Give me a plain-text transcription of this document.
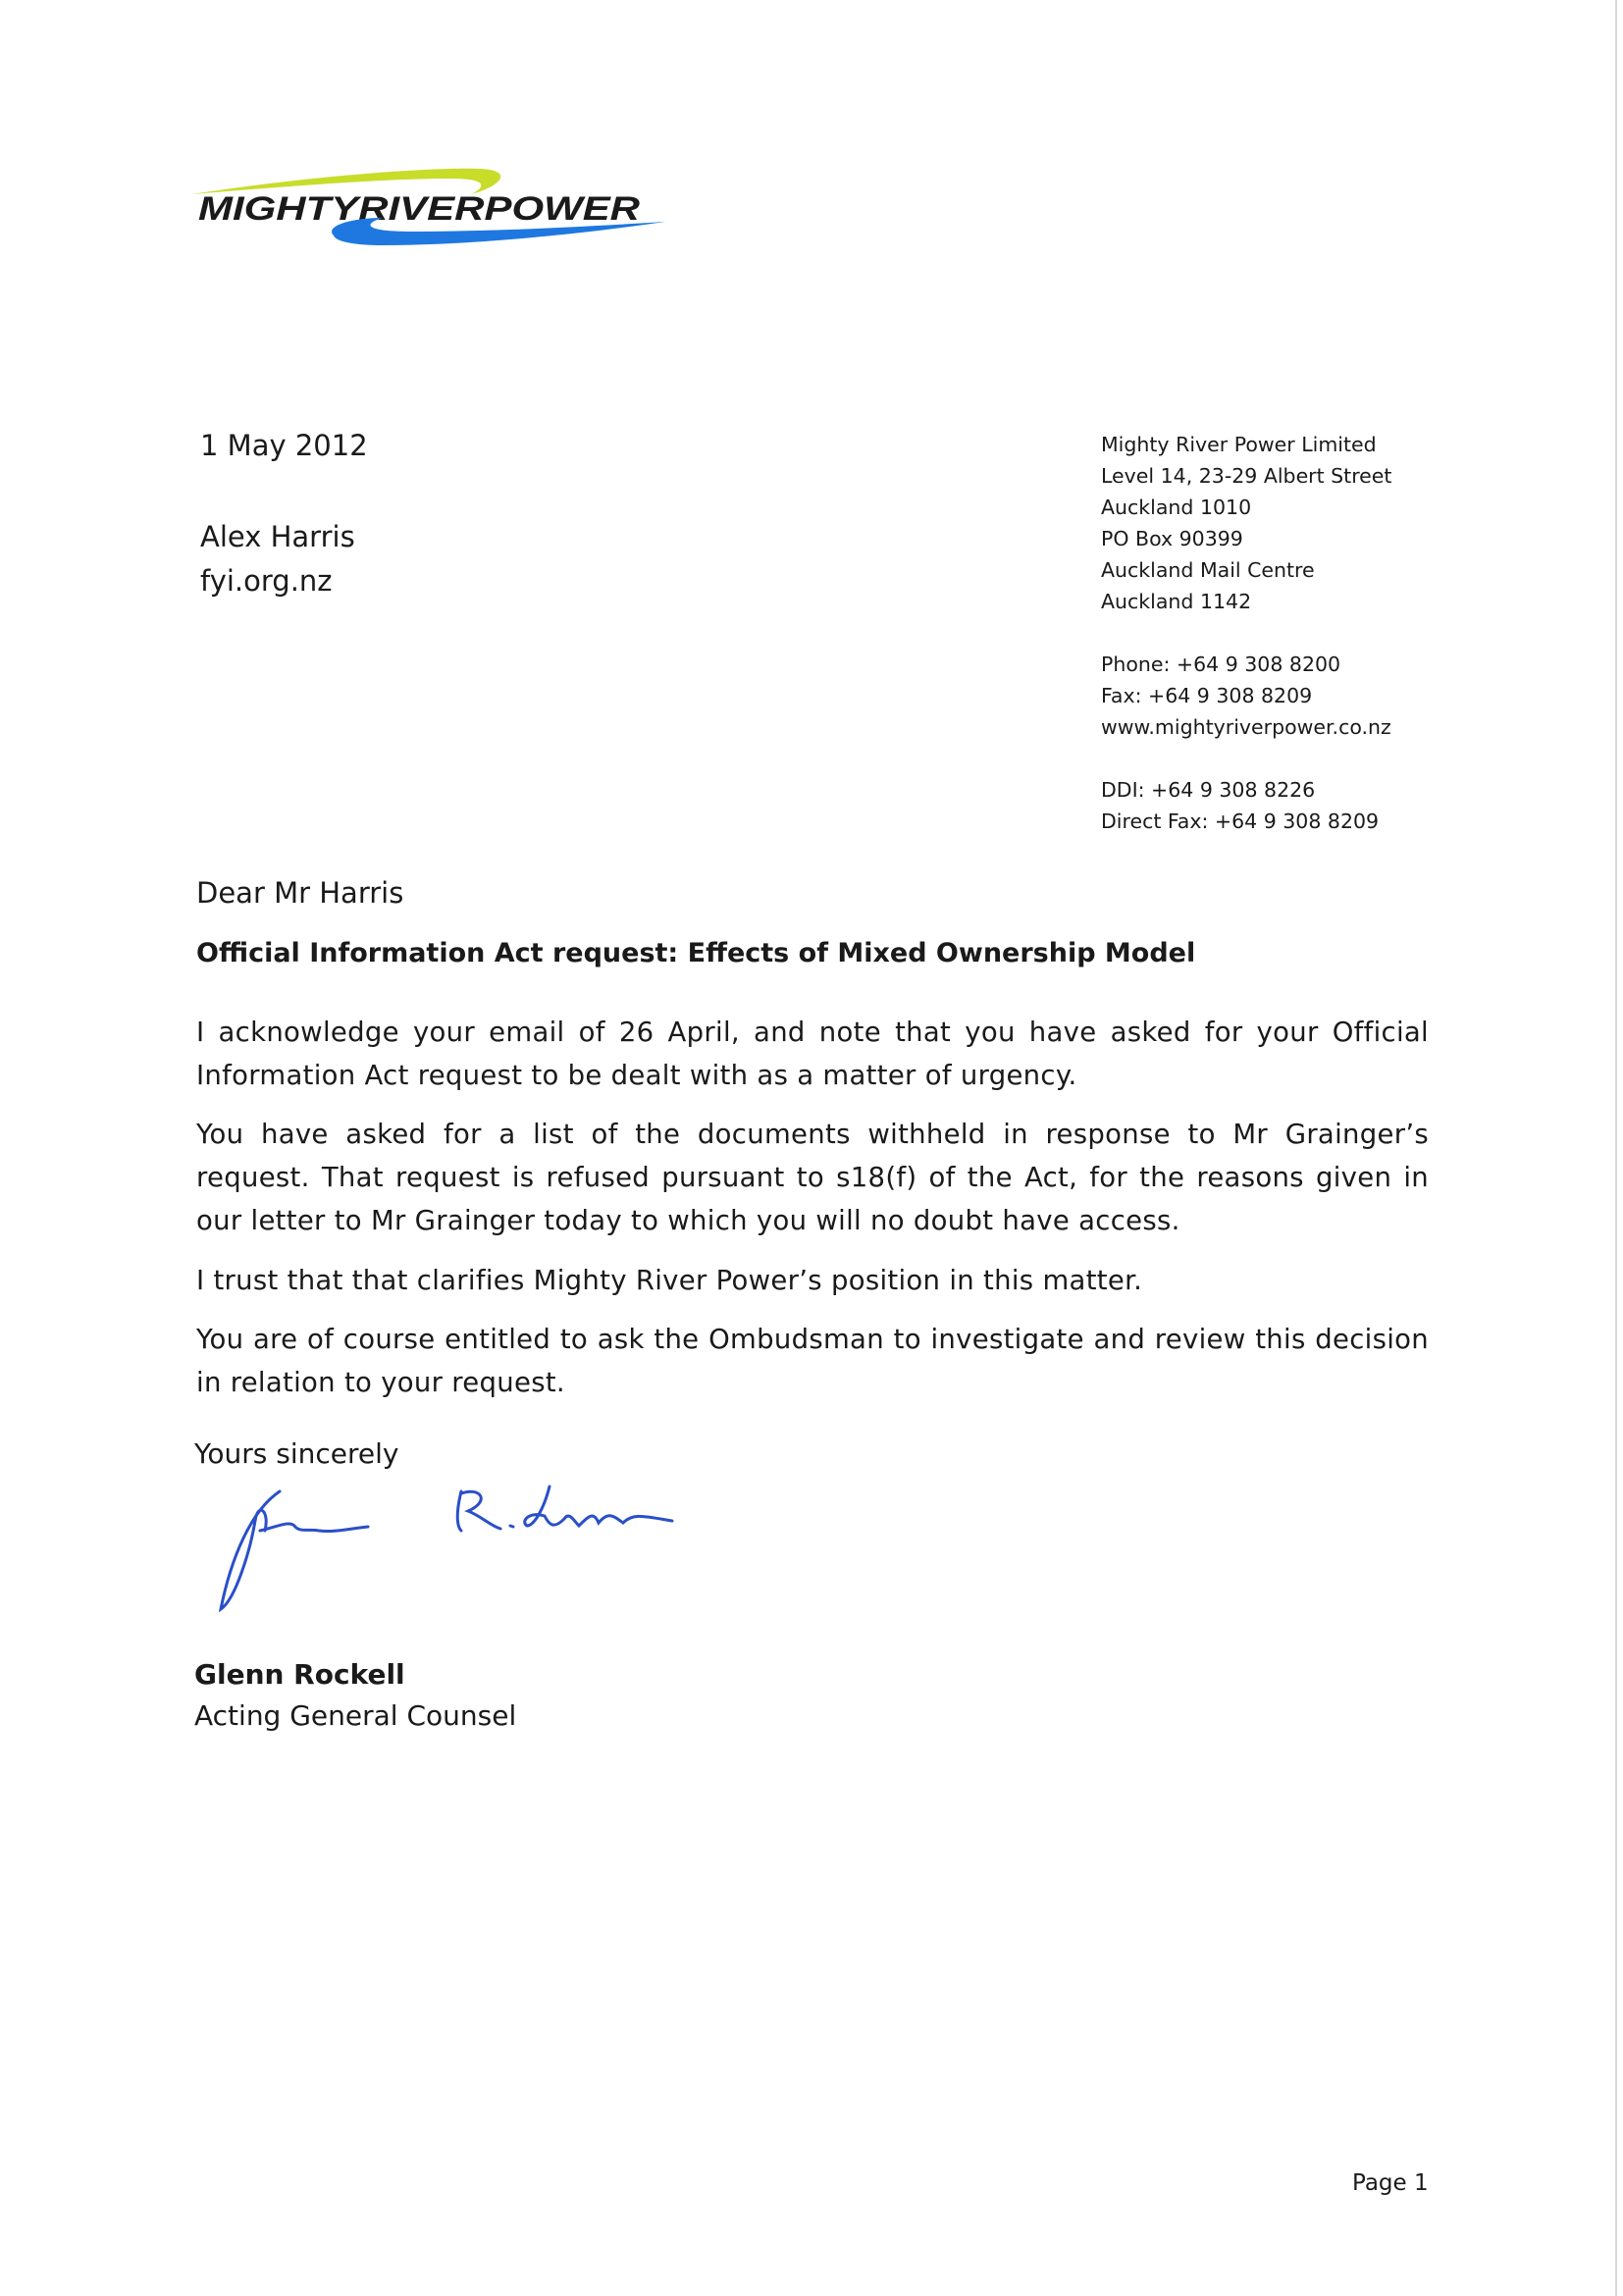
MIGHTYRIVERPOWER
1 May 2012
Alex Harris
fyi.org.nz
Mighty River Power Limited
Level 14, 23-29 Albert Street
Auckland 1010
PO Box 90399
Auckland Mail Centre
Auckland 1142
Phone: +64 9 308 8200
Fax: +64 9 308 8209
www.mightyriverpower.co.nz
DDI: +64 9 308 8226
Direct Fax: +64 9 308 8209
Dear Mr Harris
Official Information Act request: Effects of Mixed Ownership Model
I acknowledge your email of 26 April, and note that you have asked for your Official Information Act request to be dealt with as a matter of urgency.
You have asked for a list of the documents withheld in response to Mr Grainger’s request. That request is refused pursuant to s18(f) of the Act, for the reasons given in our letter to Mr Grainger today to which you will no doubt have access.
I trust that that clarifies Mighty River Power’s position in this matter.
You are of course entitled to ask the Ombudsman to investigate and review this decision in relation to your request.
Yours sincerely
Glenn Rockell
Acting General Counsel
Page 1
